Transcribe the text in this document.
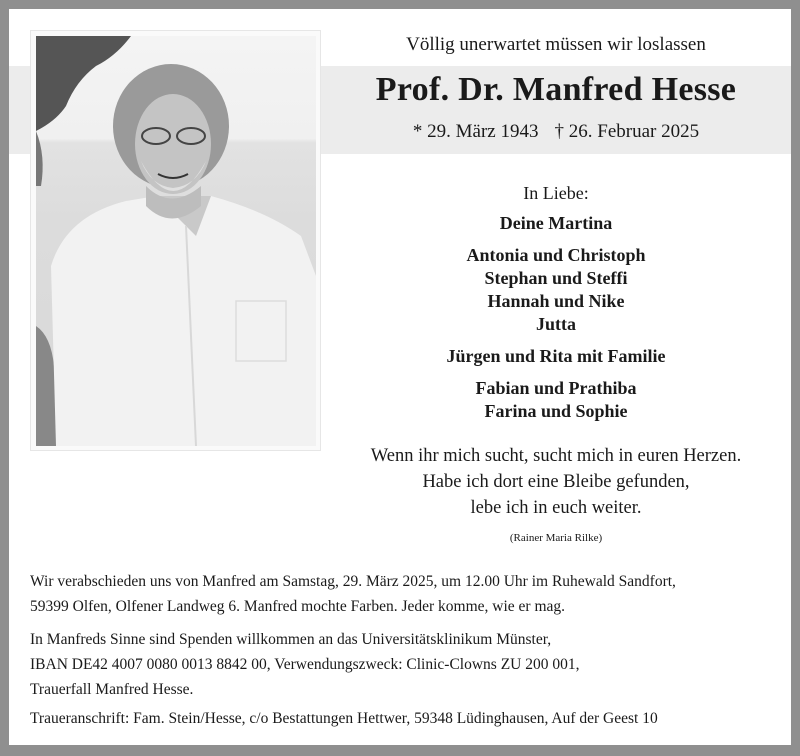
Völlig unerwartet müssen wir loslassen
Prof. Dr. Manfred Hesse
* 29. März 1943 † 26. Februar 2025
In Liebe:
Deine Martina
Antonia und Christoph
Stephan und Steffi
Hannah und Nike
Jutta
Jürgen und Rita mit Familie
Fabian und Prathiba
Farina und Sophie
Wenn ihr mich sucht, sucht mich in euren Herzen.
Habe ich dort eine Bleibe gefunden,
lebe ich in euch weiter.
(Rainer Maria Rilke)
Wir verabschieden uns von Manfred am Samstag, 29. März 2025, um 12.00 Uhr im Ruhewald Sandfort,
59399 Olfen, Olfener Landweg 6. Manfred mochte Farben. Jeder komme, wie er mag.
In Manfreds Sinne sind Spenden willkommen an das Universitätsklinikum Münster,
IBAN DE42 4007 0080 0013 8842 00, Verwendungszweck: Clinic-Clowns ZU 200 001,
Trauerfall Manfred Hesse.
Traueranschrift: Fam. Stein/Hesse, c/o Bestattungen Hettwer, 59348 Lüdinghausen, Auf der Geest 10
